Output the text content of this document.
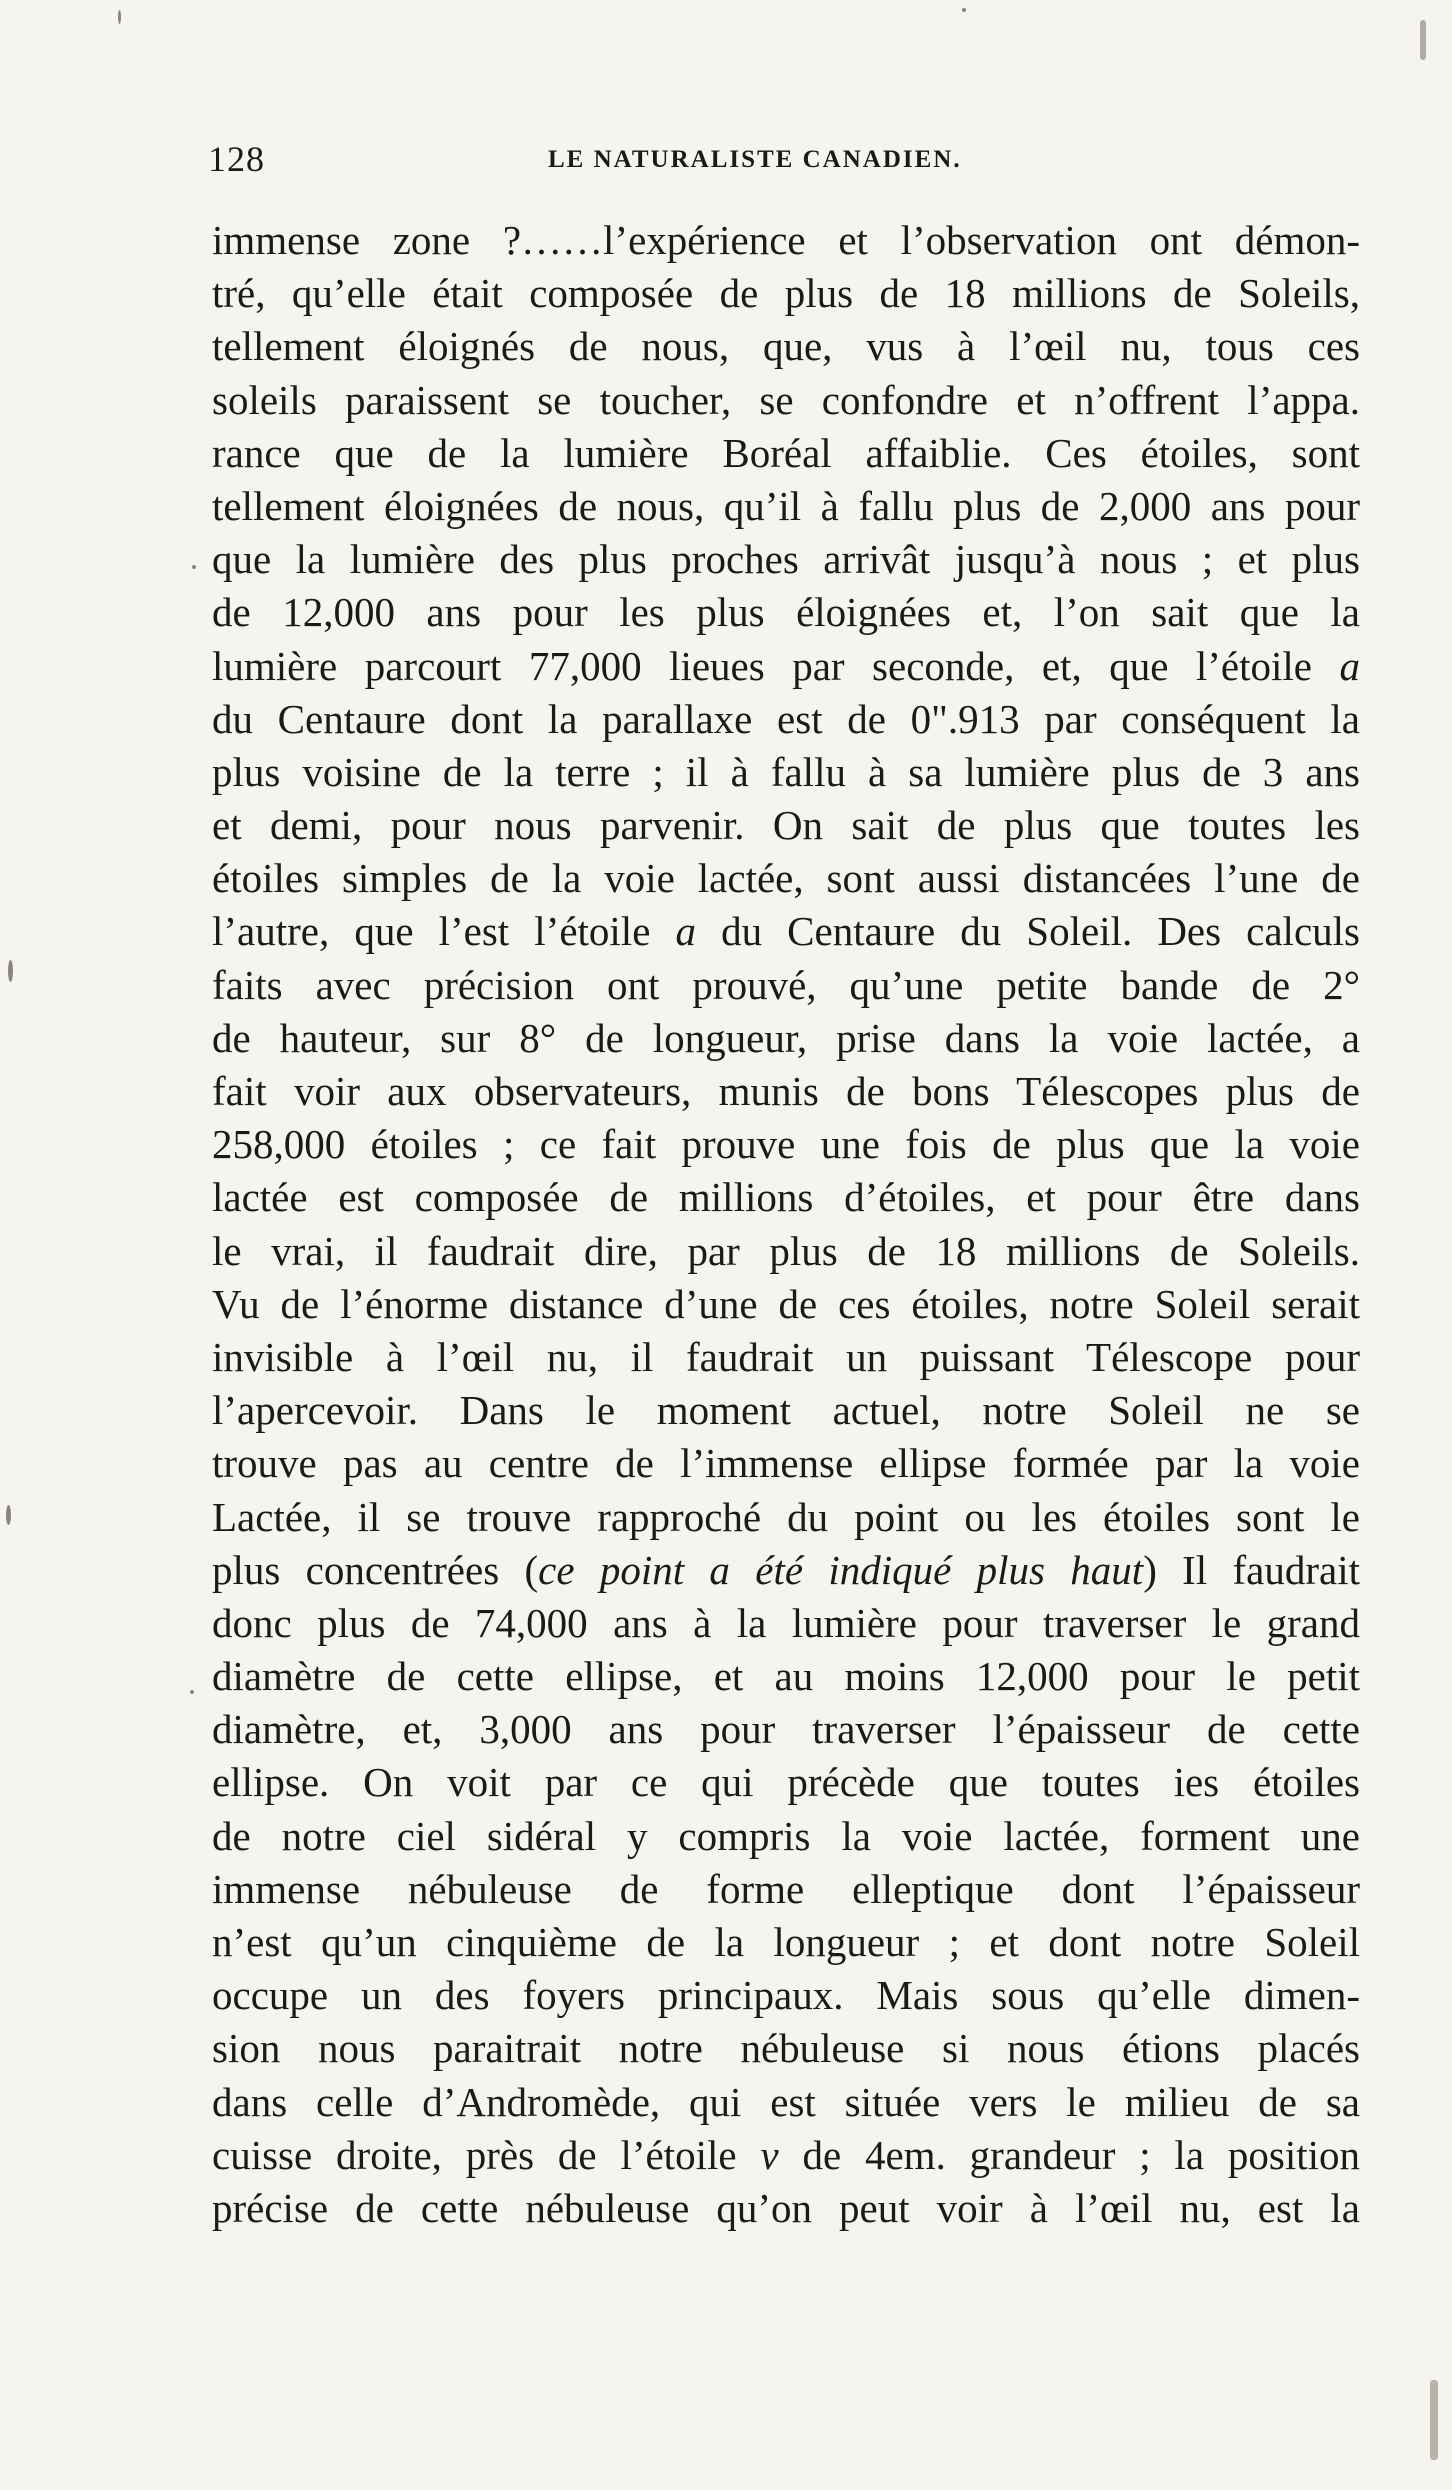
128	LE NATURALISTE CANADIEN.
immense zone ?……l’expérience et l’observation ont démon-
tré, qu’elle était composée de plus de 18 millions de Soleils,
tellement éloignés de nous, que, vus à l’œil nu, tous ces
soleils paraissent se toucher, se confondre et n’offrent l’appa.
rance que de la lumière Boréal affaiblie. Ces étoiles, sont
tellement éloignées de nous, qu’il à fallu plus de 2,000 ans pour
que la lumière des plus proches arrivât jusqu’à nous ; et plus
de 12,000 ans pour les plus éloignées et, l’on sait que la
lumière parcourt 77,000 lieues par seconde, et, que l’étoile a
du Centaure dont la parallaxe est de 0".913 par conséquent la
plus voisine de la terre ; il à fallu à sa lumière plus de 3 ans
et demi, pour nous parvenir. On sait de plus que toutes les
étoiles simples de la voie lactée, sont aussi distancées l’une de
l’autre, que l’est l’étoile a du Centaure du Soleil. Des calculs
faits avec précision ont prouvé, qu’une petite bande de 2°
de hauteur, sur 8° de longueur, prise dans la voie lactée, a
fait voir aux observateurs, munis de bons Télescopes plus de
258,000 étoiles ; ce fait prouve une fois de plus que la voie
lactée est composée de millions d’étoiles, et pour être dans
le vrai, il faudrait dire, par plus de 18 millions de Soleils.
Vu de l’énorme distance d’une de ces étoiles, notre Soleil serait
invisible à l’œil nu, il faudrait un puissant Télescope pour
l’apercevoir. Dans le moment actuel, notre Soleil ne se
trouve pas au centre de l’immense ellipse formée par la voie
Lactée, il se trouve rapproché du point ou les étoiles sont le
plus concentrées (ce point a été indiqué plus haut) Il faudrait
donc plus de 74,000 ans à la lumière pour traverser le grand
diamètre de cette ellipse, et au moins 12,000 pour le petit
diamètre, et, 3,000 ans pour traverser l’épaisseur de cette
ellipse. On voit par ce qui précède que toutes ies étoiles
de notre ciel sidéral y compris la voie lactée, forment une
immense nébuleuse de forme elleptique dont l’épaisseur
n’est qu’un cinquième de la longueur ; et dont notre Soleil
occupe un des foyers principaux. Mais sous qu’elle dimen-
sion nous paraitrait notre nébuleuse si nous étions placés
dans celle d’Andromède, qui est située vers le milieu de sa
cuisse droite, près de l’étoile v de 4em. grandeur ; la position
précise de cette nébuleuse qu’on peut voir à l’œil nu, est la
